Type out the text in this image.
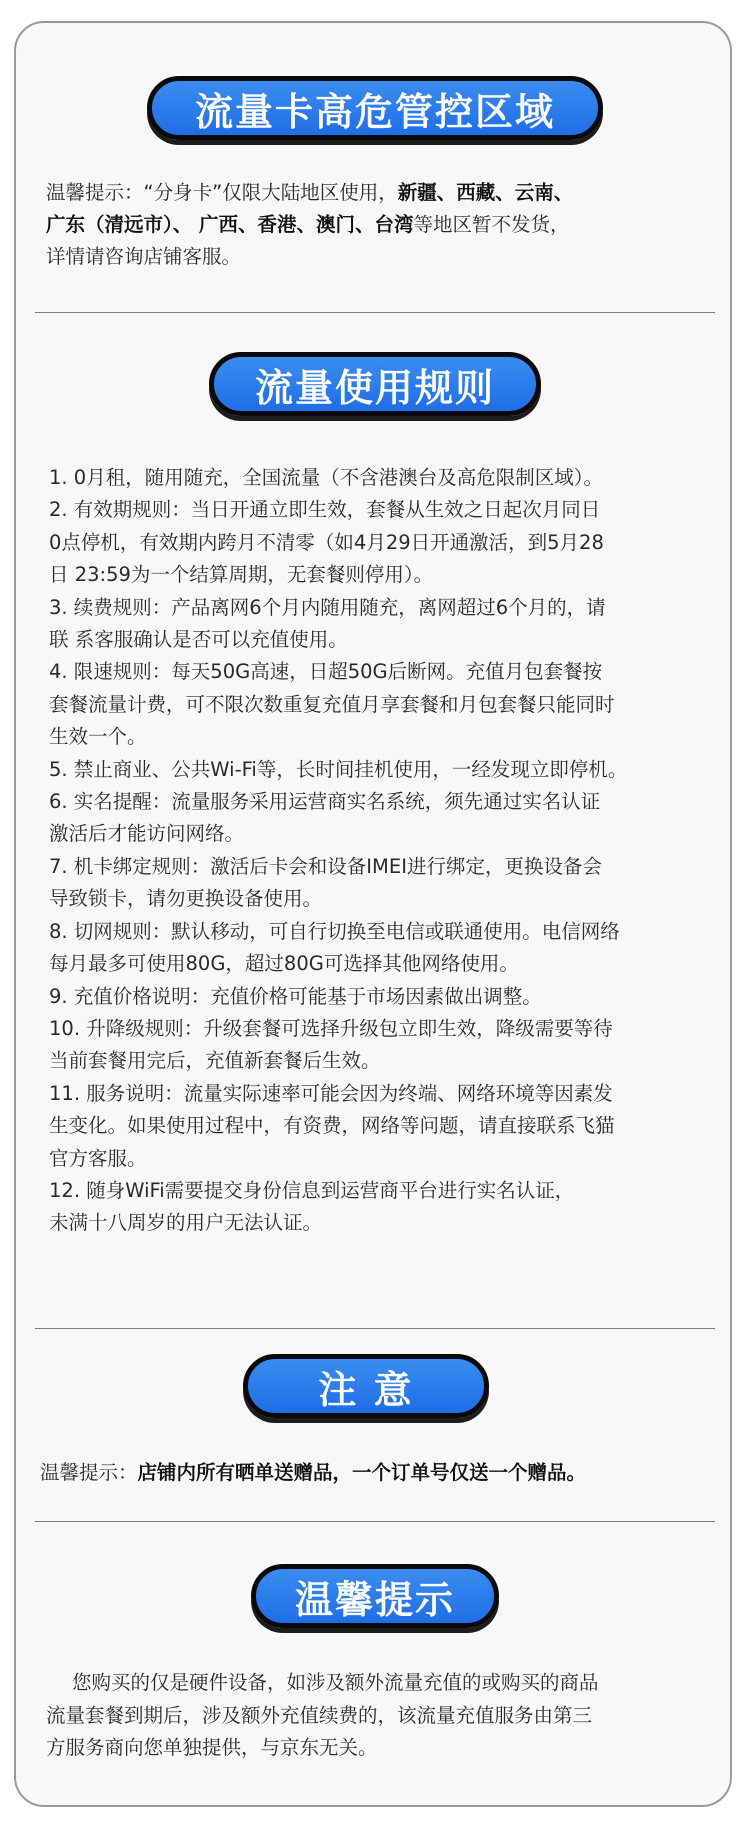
流量卡高危管控区域

温馨提示：“分身卡”仅限大陆地区使用，新疆、西藏、云南、

广东（清远市）、 广西、香港、澳门、台湾等地区暂不发货，

详情请咨询店铺客服。

流量使用规则

1. 0月租，随用随充，全国流量（不含港澳台及高危限制区域）。

2. 有效期规则：当日开通立即生效，套餐从生效之日起次月同日

0点停机，有效期内跨月不清零（如4月29日开通激活，到5月28

日 23:59为一个结算周期，无套餐则停用）。

3. 续费规则：产品离网6个月内随用随充，离网超过6个月的，请

联 系客服确认是否可以充值使用。

4. 限速规则：每天50G高速，日超50G后断网。充值月包套餐按

套餐流量计费，可不限次数重复充值月享套餐和月包套餐只能同时

生效一个。

5. 禁止商业、公共Wi-Fi等，长时间挂机使用，一经发现立即停机。

6. 实名提醒：流量服务采用运营商实名系统，须先通过实名认证

激活后才能访问网络。

7. 机卡绑定规则：激活后卡会和设备IMEI进行绑定，更换设备会

导致锁卡，请勿更换设备使用。

8. 切网规则：默认移动，可自行切换至电信或联通使用。电信网络

每月最多可使用80G，超过80G可选择其他网络使用。

9. 充值价格说明：充值价格可能基于市场因素做出调整。

10. 升降级规则：升级套餐可选择升级包立即生效，降级需要等待

当前套餐用完后，充值新套餐后生效。

11. 服务说明：流量实际速率可能会因为终端、网络环境等因素发

生变化。如果使用过程中，有资费，网络等问题，请直接联系飞猫

官方客服。

12. 随身WiFi需要提交身份信息到运营商平台进行实名认证，

未满十八周岁的用户无法认证。

注 意

温馨提示：店铺内所有晒单送赠品，一个订单号仅送一个赠品。

温馨提示

您购买的仅是硬件设备，如涉及额外流量充值的或购买的商品

流量套餐到期后，涉及额外充值续费的，该流量充值服务由第三

方服务商向您单独提供，与京东无关。
